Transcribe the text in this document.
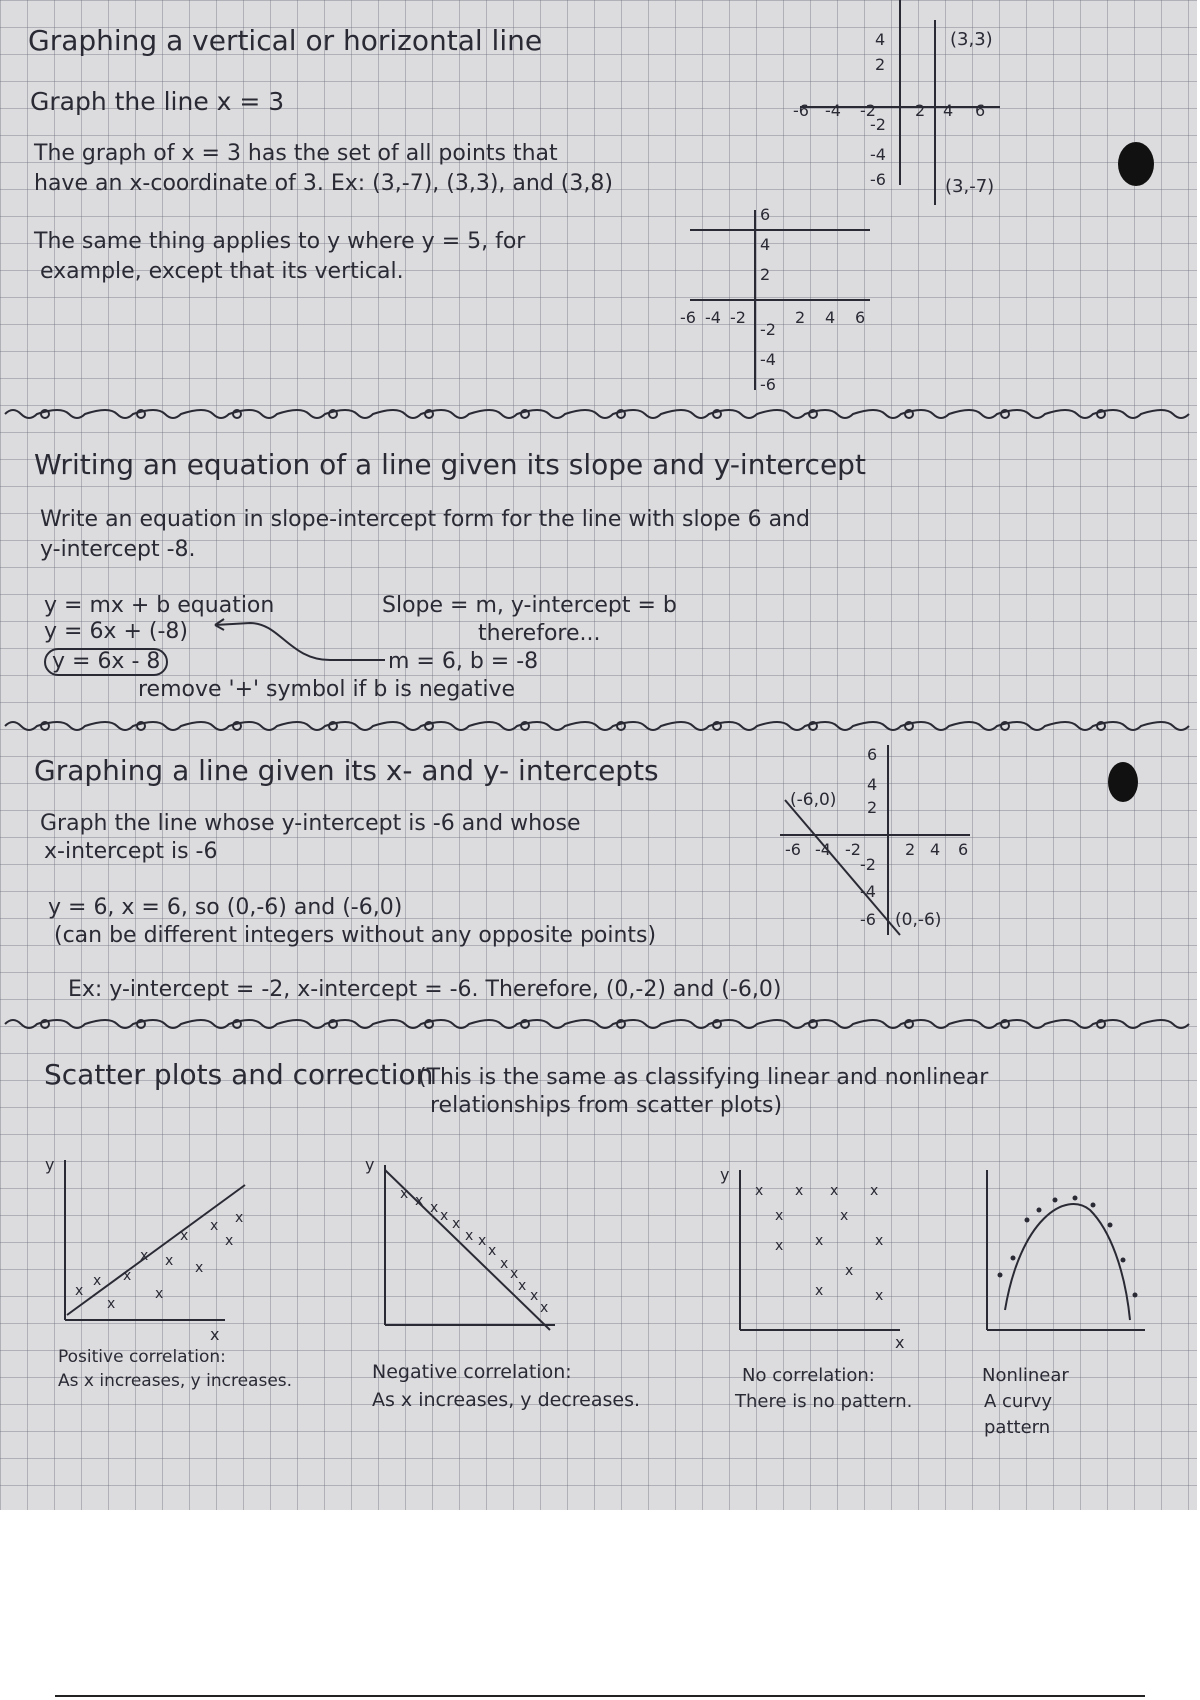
Graphing a vertical or horizontal line
Graph the line x = 3
The graph of x = 3 has the set of all points that
have an x-coordinate of 3. Ex: (3,-7), (3,3), and (3,8)
The same thing applies to y where y = 5, for
example, except that its vertical.
(3,3)
(3,-7)
-6 -4 -2 2 4 6
4
2
-2
-4
-6
-6 -4 -2	2 4 6
6
4
2
-2
-4
-6
Writing an equation of a line given its slope and y-intercept
Write an equation in slope-intercept form for the line with slope 6 and
y-intercept -8.
y = mx + b equation
y = 6x + (-8)
y = 6x - 8
Slope = m, y-intercept = b
therefore...
m = 6, b = -8
remove '+' symbol if b is negative
Graphing a line given its x- and y- intercepts
Graph the line whose y-intercept is -6 and whose
x-intercept is -6
y = 6, x = 6, so (0,-6) and (-6,0)
(can be different integers without any opposite points)
Ex: y-intercept = -2, x-intercept = -6. Therefore, (0,-2) and (-6,0)
(-6,0)
(0,-6)
-6 -4 -2	2 4 6
6
4
2
-2
-4
-6
Scatter plots and correction
(This is the same as classifying linear and nonlinear
relationships from scatter plots)
x
x
x
x
x
x
x
x
x
x
x
x
y
x
x x x x x
x x
x
x
x
x
x
x
y
x
x
x
x
x
x
x
x
x
x
x
x
y
x
Positive correlation:
As x increases, y increases.	Negative correlation:
As x increases, y decreases.
No correlation:
There is no pattern.
Nonlinear
A curvy
pattern
